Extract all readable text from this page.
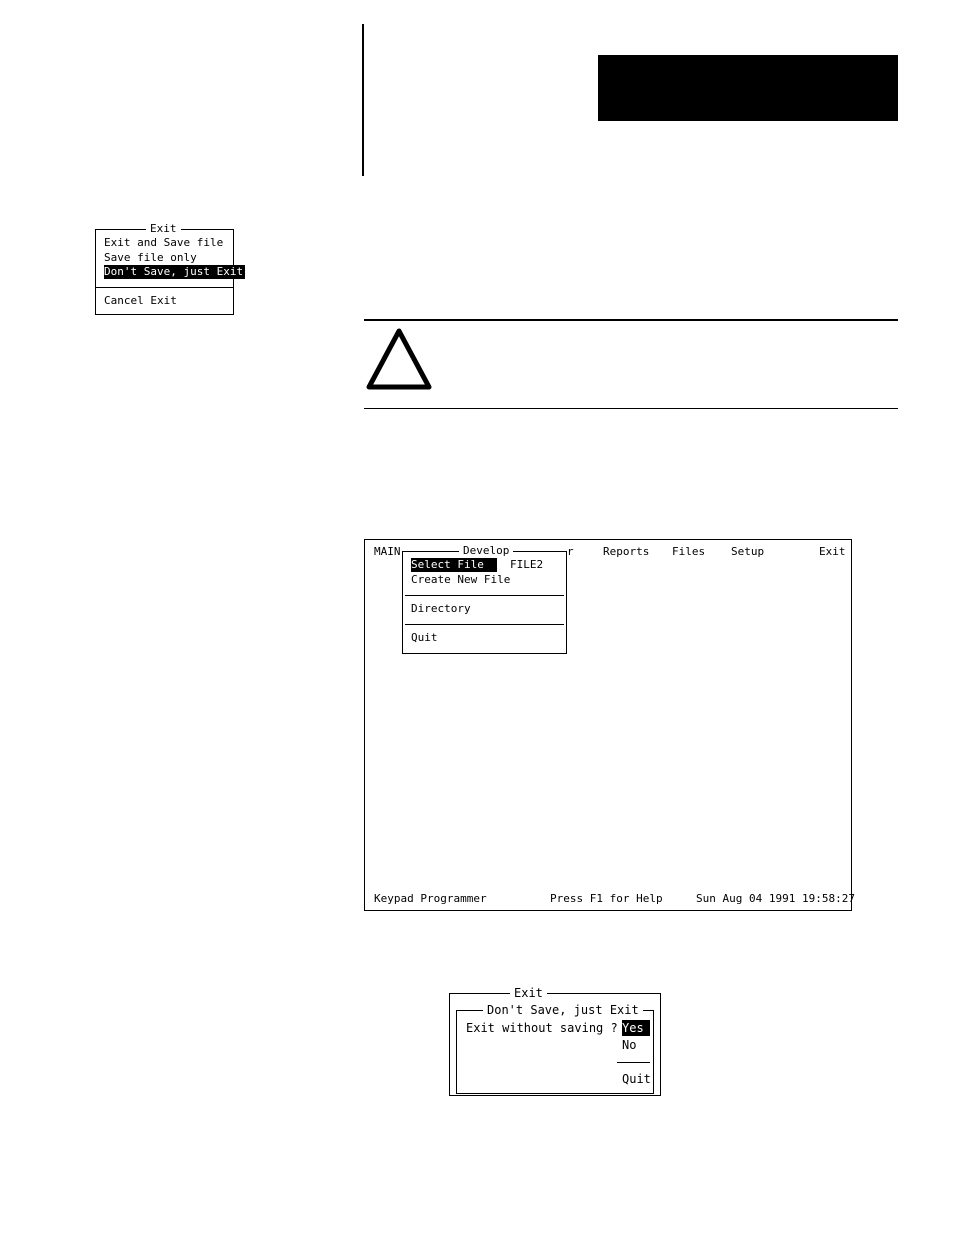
Exit
Exit and Save file
Save file only
Don't Save, just Exit
Cancel Exit
MAIN	r	Reports Files Setup	Exit
Develop
Select File	FILE2
Create New File
Directory
Quit
Keypad Programmer	Press F1 for Help	Sun Aug 04 1991 19:58:27
Exit
Don't Save, just Exit
Exit without saving ? Yes
No
Quit
